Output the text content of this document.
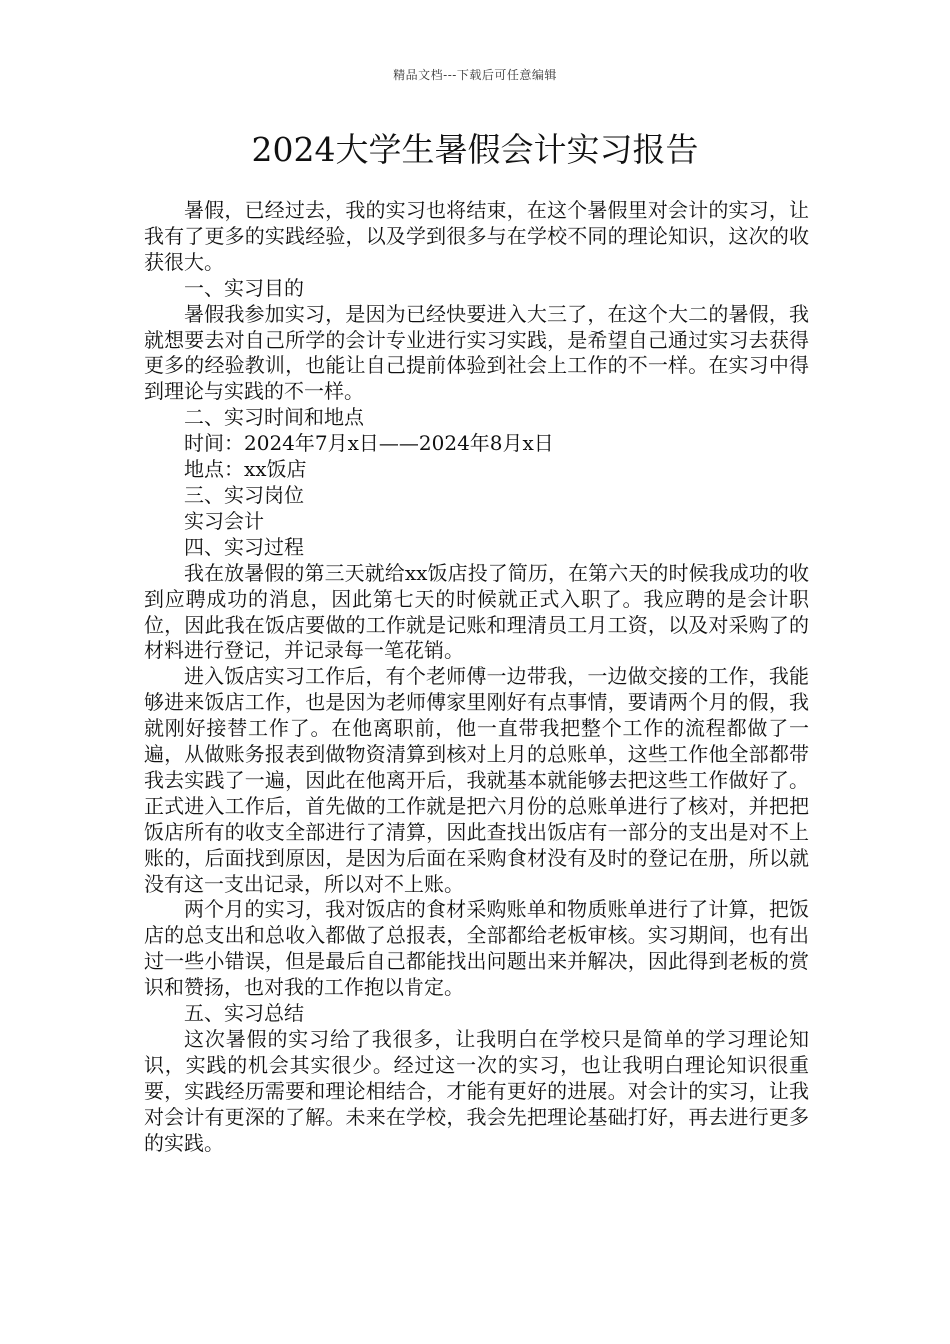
精品文档---下载后可任意编辑
2024大学生暑假会计实习报告

暑假，已经过去，我的实习也将结束，在这个暑假里对会计的实习，让我有了更多的实践经验，以及学到很多与在学校不同的理论知识，这次的收获很大。

一、实习目的

暑假我参加实习，是因为已经快要进入大三了，在这个大二的暑假，我就想要去对自己所学的会计专业进行实习实践，是希望自己通过实习去获得更多的经验教训，也能让自己提前体验到社会上工作的不一样。在实习中得到理论与实践的不一样。

二、实习时间和地点

时间：2024年7月x日——2024年8月x日

地点：xx饭店

三、实习岗位

实习会计

四、实习过程

我在放暑假的第三天就给xx饭店投了简历，在第六天的时候我成功的收到应聘成功的消息，因此第七天的时候就正式入职了。我应聘的是会计职位，因此我在饭店要做的工作就是记账和理清员工月工资，以及对采购了的材料进行登记，并记录每一笔花销。

进入饭店实习工作后，有个老师傅一边带我，一边做交接的工作，我能够进来饭店工作，也是因为老师傅家里刚好有点事情，要请两个月的假，我就刚好接替工作了。在他离职前，他一直带我把整个工作的流程都做了一遍，从做账务报表到做物资清算到核对上月的总账单，这些工作他全部都带我去实践了一遍，因此在他离开后，我就基本就能够去把这些工作做好了。正式进入工作后，首先做的工作就是把六月份的总账单进行了核对，并把把饭店所有的收支全部进行了清算，因此查找出饭店有一部分的支出是对不上账的，后面找到原因，是因为后面在采购食材没有及时的登记在册，所以就没有这一支出记录，所以对不上账。

两个月的实习，我对饭店的食材采购账单和物质账单进行了计算，把饭店的总支出和总收入都做了总报表，全部都给老板审核。实习期间，也有出过一些小错误，但是最后自己都能找出问题出来并解决，因此得到老板的赏识和赞扬，也对我的工作抱以肯定。

五、实习总结

这次暑假的实习给了我很多，让我明白在学校只是简单的学习理论知识，实践的机会其实很少。经过这一次的实习，也让我明白理论知识很重要，实践经历需要和理论相结合，才能有更好的进展。对会计的实习，让我对会计有更深的了解。未来在学校，我会先把理论基础打好，再去进行更多的实践。
